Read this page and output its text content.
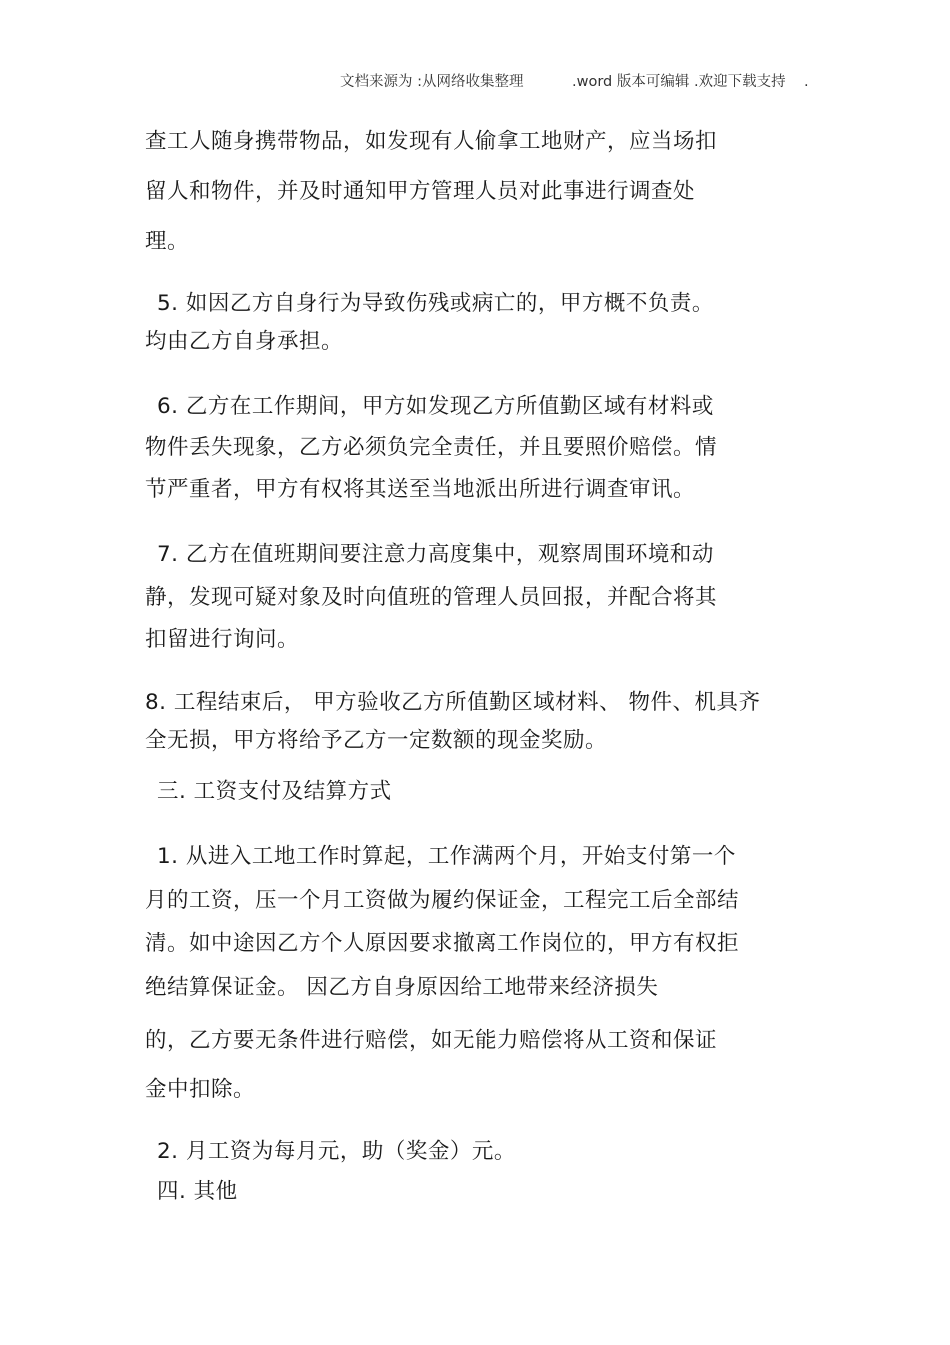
文档来源为 :从网络收集整理	.word 版本可编辑 .欢迎下载支持 .
查工人随身携带物品，如发现有人偷拿工地财产，应当场扣
留人和物件，并及时通知甲方管理人员对此事进行调查处
理。
5. 如因乙方自身行为导致伤残或病亡的，甲方概不负责。
均由乙方自身承担。
6. 乙方在工作期间，甲方如发现乙方所值勤区域有材料或
物件丢失现象，乙方必须负完全责任，并且要照价赔偿。情
节严重者，甲方有权将其送至当地派出所进行调查审讯。
7. 乙方在值班期间要注意力高度集中，观察周围环境和动
静，发现可疑对象及时向值班的管理人员回报，并配合将其
扣留进行询问。
8. 工程结束后， 甲方验收乙方所值勤区域材料、 物件、机具齐
全无损，甲方将给予乙方一定数额的现金奖励。
三. 工资支付及结算方式
1. 从进入工地工作时算起，工作满两个月，开始支付第一个
月的工资，压一个月工资做为履约保证金，工程完工后全部结
清。如中途因乙方个人原因要求撤离工作岗位的，甲方有权拒
绝结算保证金。 因乙方自身原因给工地带来经济损失
的，乙方要无条件进行赔偿，如无能力赔偿将从工资和保证
金中扣除。
2. 月工资为每月元，助（奖金）元。
四. 其他
